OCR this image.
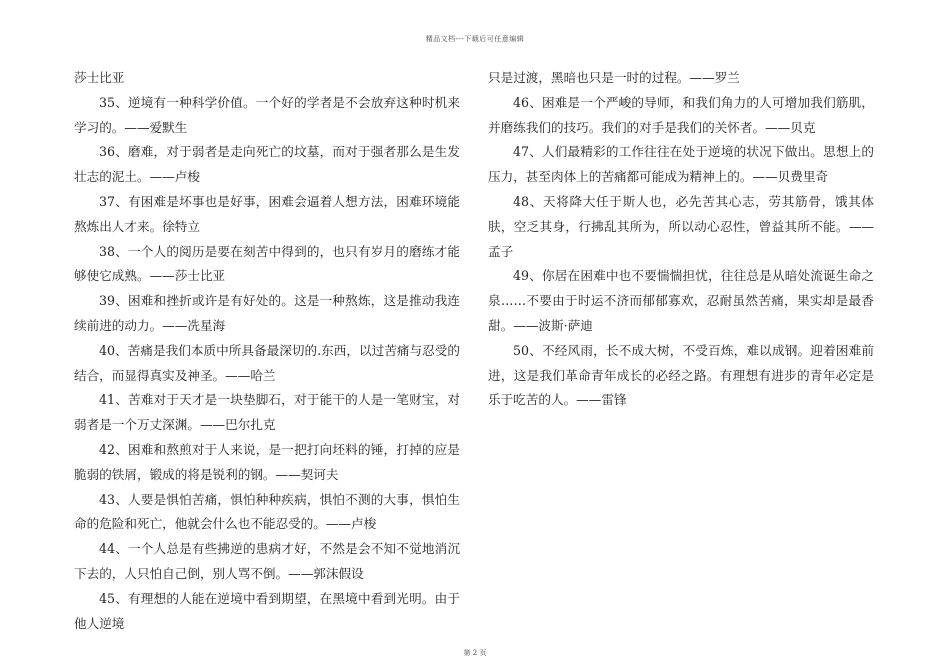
精品文档---下载后可任意编辑

莎士比亚

35、逆境有一种科学价值。一个好的学者是不会放弃这种时机来学习的。——爱默生

36、磨难，对于弱者是走向死亡的坟墓，而对于强者那么是生发壮志的泥土。——卢梭

37、有困难是坏事也是好事，困难会逼着人想方法，困难环境能熬炼出人才来。徐特立

38、一个人的阅历是要在刻苦中得到的，也只有岁月的磨练才能够使它成熟。——莎士比亚

39、困难和挫折或许是有好处的。这是一种熬炼，这是推动我连续前进的动力。——冼星海

40、苦痛是我们本质中所具备最深切的.东西，以过苦痛与忍受的结合，而显得真实及神圣。——哈兰

41、苦难对于天才是一块垫脚石，对于能干的人是一笔财宝，对弱者是一个万丈深渊。——巴尔扎克

42、困难和熬煎对于人来说，是一把打向坯料的锤，打掉的应是脆弱的铁屑，锻成的将是锐利的钢。——契诃夫

43、人要是惧怕苦痛，惧怕种种疾病，惧怕不测的大事，惧怕生命的危险和死亡，他就会什么也不能忍受的。——卢梭

44、一个人总是有些拂逆的患病才好，不然是会不知不觉地消沉下去的，人只怕自己倒，别人骂不倒。——郭沫假设

45、有理想的人能在逆境中看到期望，在黑境中看到光明。由于他人逆境

只是过渡，黑暗也只是一时的过程。——罗兰

46、困难是一个严峻的导师，和我们角力的人可增加我们筋肌，并磨练我们的技巧。我们的对手是我们的关怀者。——贝克

47、人们最精彩的工作往往在处于逆境的状况下做出。思想上的压力，甚至肉体上的苦痛都可能成为精神上的。——贝费里奇

48、天将降大任于斯人也，必先苦其心志，劳其筋骨，饿其体肤，空乏其身，行拂乱其所为，所以动心忍性，曾益其所不能。——孟子

49、你居在困难中也不要惴惴担忧，往往总是从暗处流诞生命之泉……不要由于时运不济而郁郁寡欢，忍耐虽然苦痛，果实却是最香甜。——波斯·萨迪

50、不经风雨，长不成大树，不受百炼，难以成钢。迎着困难前进，这是我们革命青年成长的必经之路。有理想有进步的青年必定是乐于吃苦的人。——雷锋

第 2 页
